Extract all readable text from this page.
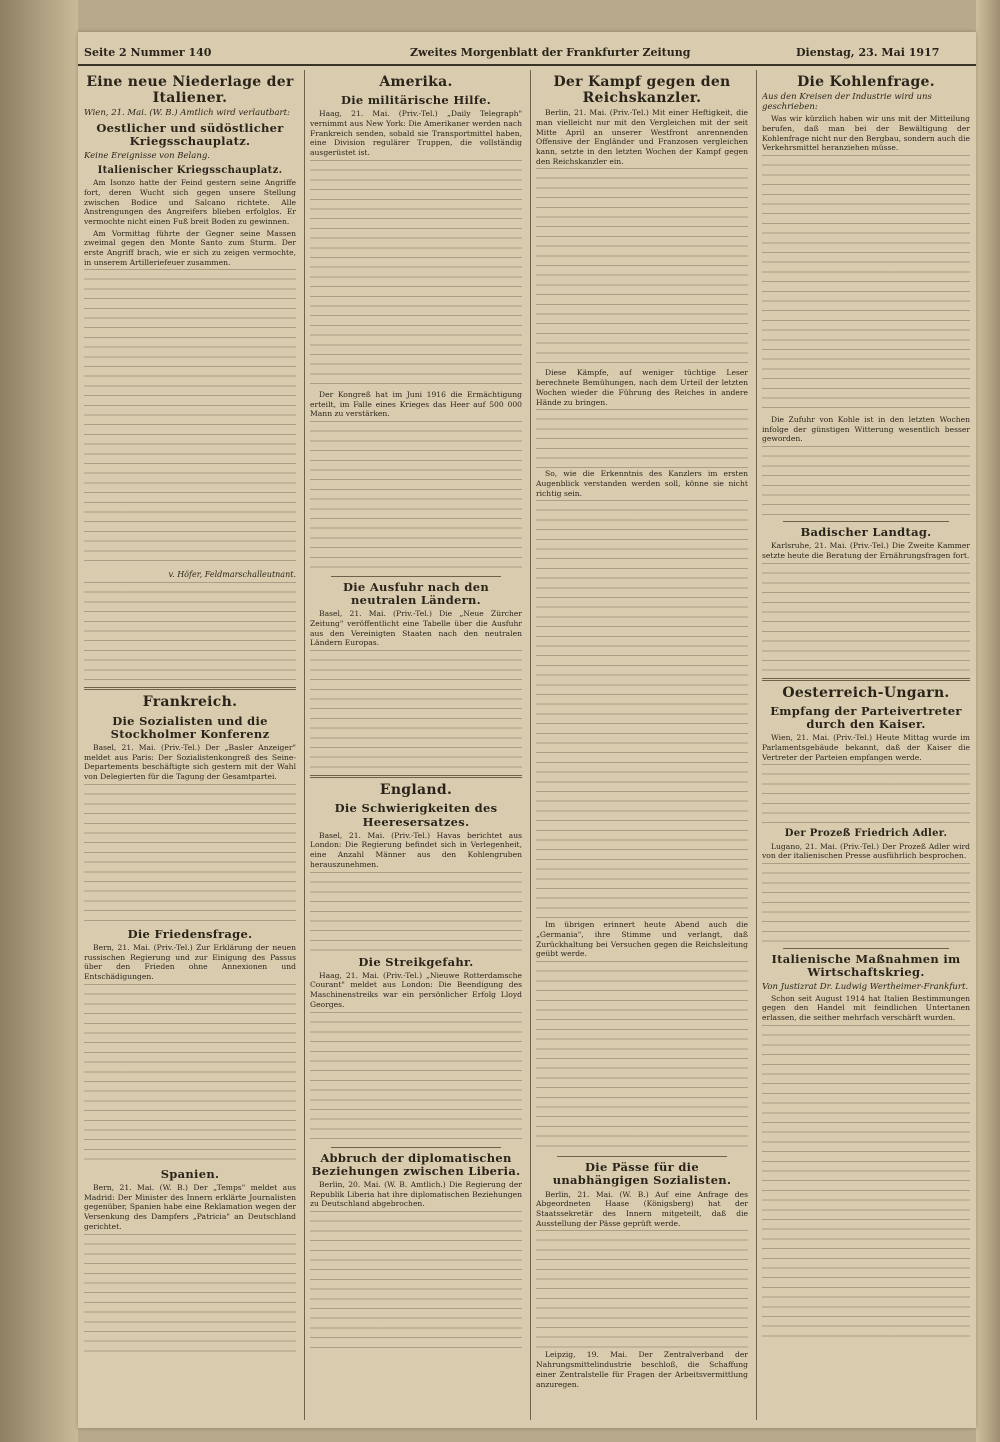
Seite 2 Nummer 140	Zweites Morgenblatt der Frankfurter Zeitung	Dienstag, 23. Mai 1917
Eine neue Niederlage der Italiener.
Wien, 21. Mai. (W. B.) Amtlich wird verlautbart:
Oestlicher und südöstlicher Kriegsschauplatz.
Keine Ereignisse von Belang.
Italienischer Kriegsschauplatz.

Am Isonzo hatte der Feind gestern seine Angriffe fort, deren Wucht sich gegen unsere Stellung zwischen Bodice und Salcano richtete. Alle Anstrengungen des Angreifers blieben erfolglos. Er vermochte nicht einen Fuß breit Boden zu gewinnen.

Am Vormittag führte der Gegner seine Massen zweimal gegen den Monte Santo zum Sturm. Der erste Angriff brach, wie er sich zu zeigen vermochte, in unserem Artilleriefeuer zusammen.

v. Höfer, Feldmarschalleutnant.
Frankreich.
Die Sozialisten und die Stockholmer Konferenz

Basel, 21. Mai. (Priv.-Tel.) Der „Basler Anzeiger" meldet aus Paris: Der Sozialistenkongreß des Seine-Departements beschäftigte sich gestern mit der Wahl von Delegierten für die Tagung der Gesamtpartei.

Die Friedensfrage.

Bern, 21. Mai. (Priv.-Tel.) Zur Erklärung der neuen russischen Regierung und zur Einigung des Passus über den Frieden ohne Annexionen und Entschädigungen.

Spanien.

Bern, 21. Mai. (W. B.) Der „Temps" meldet aus Madrid: Der Minister des Innern erklärte Journalisten gegenüber, Spanien habe eine Reklamation wegen der Versenkung des Dampfers „Patricia" an Deutschland gerichtet.

Amerika.
Die militärische Hilfe.

Haag, 21. Mai. (Priv.-Tel.) „Daily Telegraph" vernimmt aus New York: Die Amerikaner werden nach Frankreich senden, sobald sie Transportmittel haben, eine Division regulärer Truppen, die vollständig ausgerüstet ist.

Der Kongreß hat im Juni 1916 die Ermächtigung erteilt, im Falle eines Krieges das Heer auf 500 000 Mann zu verstärken.

Die Ausfuhr nach den neutralen Ländern.

Basel, 21. Mai. (Priv.-Tel.) Die „Neue Zürcher Zeitung" veröffentlicht eine Tabelle über die Ausfuhr aus den Vereinigten Staaten nach den neutralen Ländern Europas.

England.
Die Schwierigkeiten des Heeresersatzes.

Basel, 21. Mai. (Priv.-Tel.) Havas berichtet aus London: Die Regierung befindet sich in Verlegenheit, eine Anzahl Männer aus den Kohlengruben herauszunehmen.

Die Streikgefahr.

Haag, 21. Mai. (Priv.-Tel.) „Nieuwe Rotterdamsche Courant" meldet aus London: Die Beendigung des Maschinenstreiks war ein persönlicher Erfolg Lloyd Georges.

Abbruch der diplomatischen Beziehungen zwischen Liberia.

Berlin, 20. Mai. (W. B. Amtlich.) Die Regierung der Republik Liberia hat ihre diplomatischen Beziehungen zu Deutschland abgebrochen.

Der Kampf gegen den Reichskanzler.

Berlin, 21. Mai. (Priv.-Tel.) Mit einer Heftigkeit, die man vielleicht nur mit den Vergleichen mit der seit Mitte April an unserer Westfront anrennenden Offensive der Engländer und Franzosen vergleichen kann, setzte in den letzten Wochen der Kampf gegen den Reichskanzler ein.

Diese Kämpfe, auf weniger tüchtige Leser berechnete Bemühungen, nach dem Urteil der letzten Wochen wieder die Führung des Reiches in andere Hände zu bringen.

So, wie die Erkenntnis des Kanzlers im ersten Augenblick verstanden werden soll, könne sie nicht richtig sein.

Im übrigen erinnert heute Abend auch die „Germania", ihre Stimme und verlangt, daß Zurückhaltung bei Versuchen gegen die Reichsleitung geübt werde.

Die Pässe für die unabhängigen Sozialisten.

Berlin, 21. Mai. (W. B.) Auf eine Anfrage des Abgeordneten Haase (Königsberg) hat der Staatssekretär des Innern mitgeteilt, daß die Ausstellung der Pässe geprüft werde.

Leipzig, 19. Mai. Der Zentralverband der Nahrungsmittelindustrie beschloß, die Schaffung einer Zentralstelle für Fragen der Arbeitsvermittlung anzuregen.

Die Kohlenfrage.
Aus den Kreisen der Industrie wird uns geschrieben:

Was wir kürzlich haben wir uns mit der Mitteilung berufen, daß man bei der Bewältigung der Kohlenfrage nicht nur den Bergbau, sondern auch die Verkehrsmittel heranziehen müsse.

Die Zufuhr von Kohle ist in den letzten Wochen infolge der günstigen Witterung wesentlich besser geworden.

Badischer Landtag.

Karlsruhe, 21. Mai. (Priv.-Tel.) Die Zweite Kammer setzte heute die Beratung der Ernährungsfragen fort.

Oesterreich-Ungarn.
Empfang der Parteivertreter durch den Kaiser.

Wien, 21. Mai. (Priv.-Tel.) Heute Mittag wurde im Parlamentsgebäude bekannt, daß der Kaiser die Vertreter der Parteien empfangen werde.

Der Prozeß Friedrich Adler.

Lugano, 21. Mai. (Priv.-Tel.) Der Prozeß Adler wird von der italienischen Presse ausführlich besprochen.

Italienische Maßnahmen im Wirtschaftskrieg.
Von Justizrat Dr. Ludwig Wertheimer-Frankfurt.

Schon seit August 1914 hat Italien Bestimmungen gegen den Handel mit feindlichen Untertanen erlassen, die seither mehrfach verschärft wurden.
